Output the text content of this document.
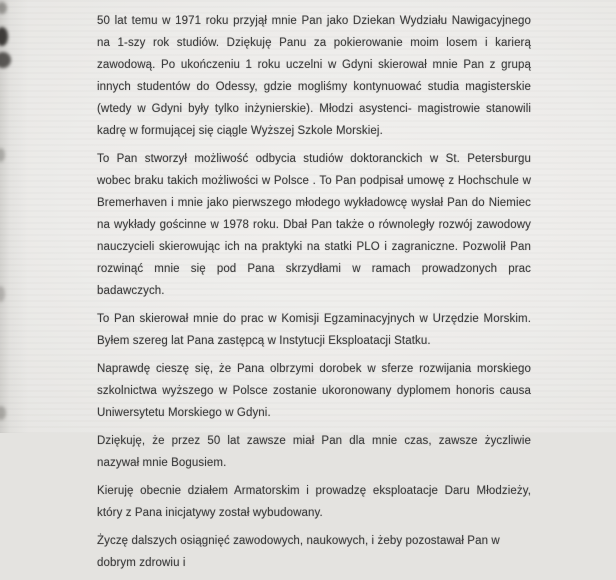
50 lat temu w 1971 roku przyjął mnie Pan jako Dziekan Wydziału Nawigacyjnego na 1-szy rok studiów. Dziękuję Panu za pokierowanie moim losem i karierą zawodową. Po ukończeniu 1 roku uczelni w Gdyni skierował mnie Pan z grupą innych studentów do Odessy, gdzie mogliśmy kontynuować studia magisterskie (wtedy w Gdyni były tylko inżynierskie). Młodzi asystenci- magistrowie stanowili kadrę w formującej się ciągle Wyższej Szkole Morskiej.

To Pan stworzył możliwość odbycia studiów doktoranckich w St. Petersburgu wobec braku takich możliwości w Polsce . To Pan podpisał umowę z Hochschule w Bremerhaven i mnie jako pierwszego młodego wykładowcę wysłał Pan do Niemiec na wykłady gościnne w 1978 roku. Dbał Pan także o równoległy rozwój zawodowy nauczycieli skierowując ich na praktyki na statki PLO i zagraniczne. Pozwolił Pan rozwinąć mnie się pod Pana skrzydłami w ramach prowadzonych prac badawczych.

To Pan skierował mnie do prac w Komisji Egzaminacyjnych w Urzędzie Morskim. Byłem szereg lat Pana zastępcą w Instytucji Eksploatacji Statku.

Naprawdę cieszę się, że Pana olbrzymi dorobek w sferze rozwijania morskiego szkolnictwa wyższego w Polsce zostanie ukoronowany dyplomem honoris causa Uniwersytetu Morskiego w Gdyni.

Dziękuję, że przez 50 lat zawsze miał Pan dla mnie czas, zawsze życzliwie nazywał mnie Bogusiem.

Kieruję obecnie działem Armatorskim i prowadzę eksploatacje Daru Młodzieży, który z Pana inicjatywy został wybudowany.

Życzę dalszych osiągnięć zawodowych, naukowych, i żeby pozostawał Pan w dobrym zdrowiu i
